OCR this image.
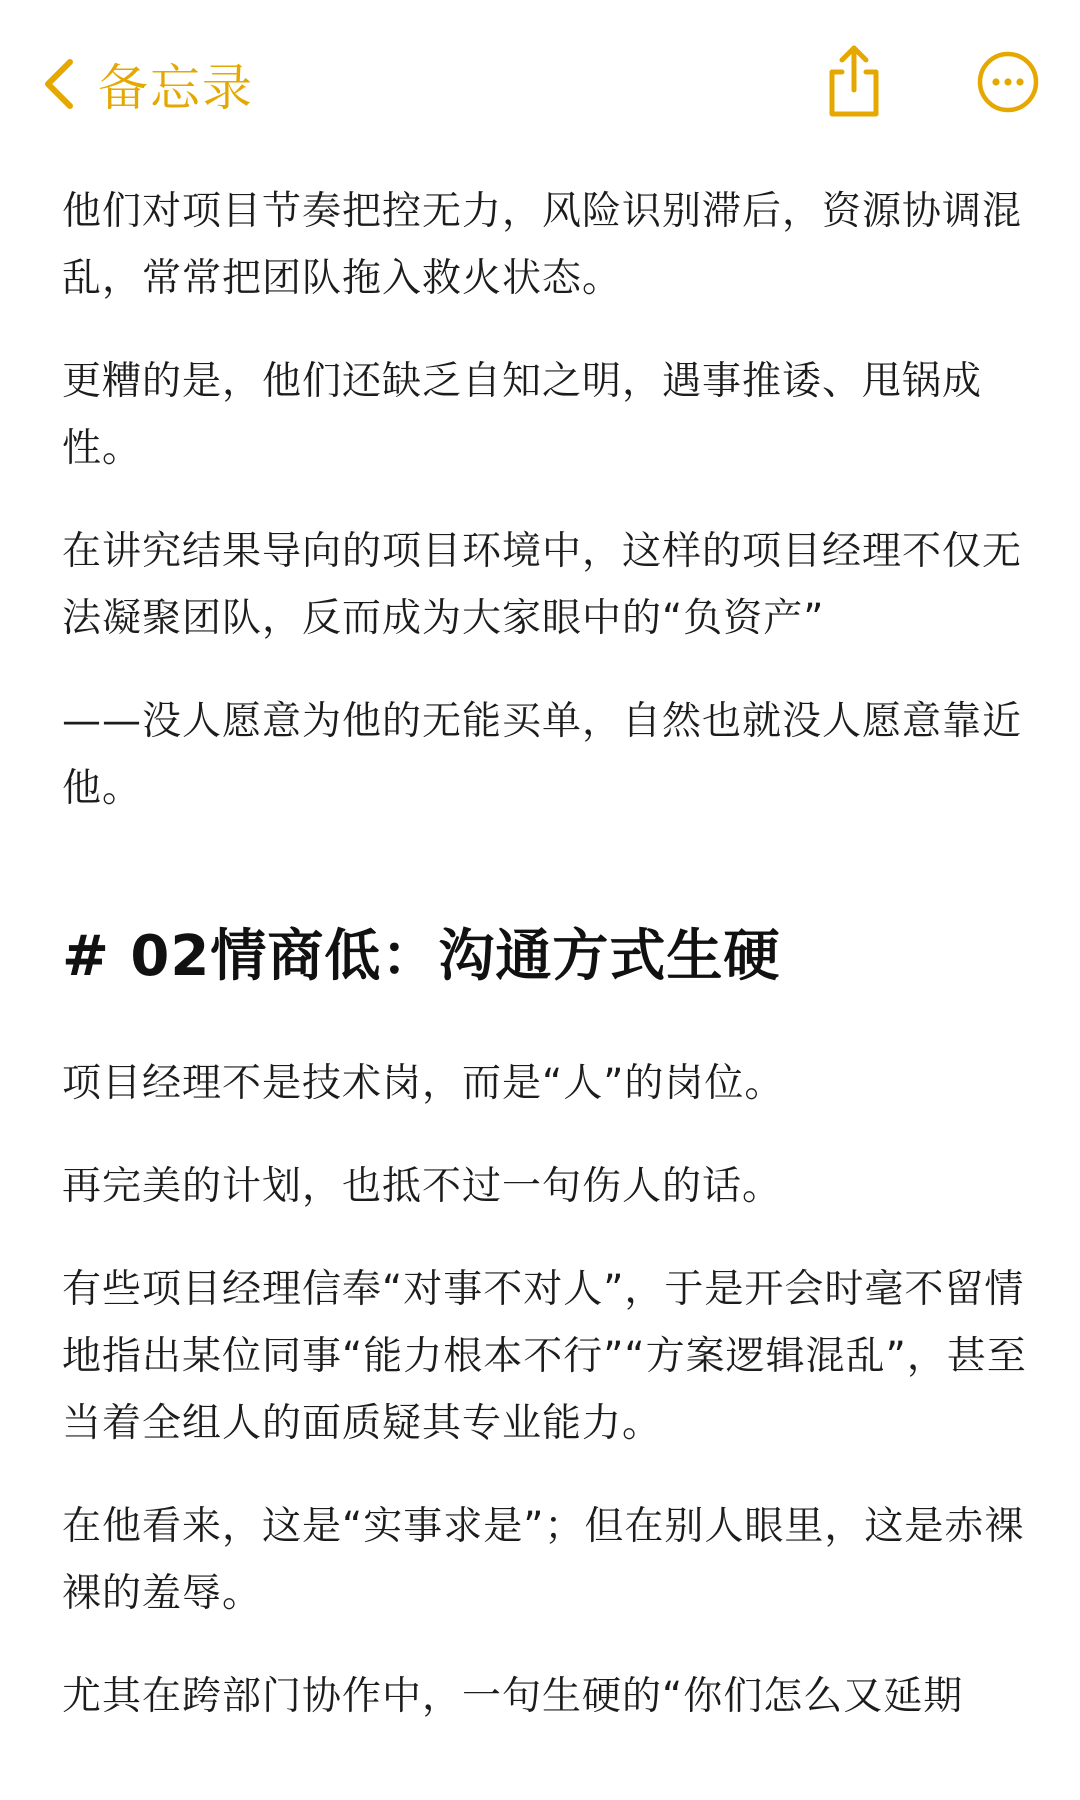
备忘录

他们对项目节奏把控无力，风险识别滞后，资源协调混乱，常常把团队拖入救火状态。

更糟的是，他们还缺乏自知之明，遇事推诿、甩锅成性。

在讲究结果导向的项目环境中，这样的项目经理不仅无法凝聚团队，反而成为大家眼中的“负资产”

——没人愿意为他的无能买单，自然也就没人愿意靠近他。

# 02情商低：沟通方式生硬

项目经理不是技术岗，而是“人”的岗位。

再完美的计划，也抵不过一句伤人的话。

有些项目经理信奉“对事不对人”，于是开会时毫不留情地指出某位同事“能力根本不行”“方案逻辑混乱”，甚至当着全组人的面质疑其专业能力。

在他看来，这是“实事求是”；但在别人眼里，这是赤裸裸的羞辱。

尤其在跨部门协作中，一句生硬的“你们怎么又延期
